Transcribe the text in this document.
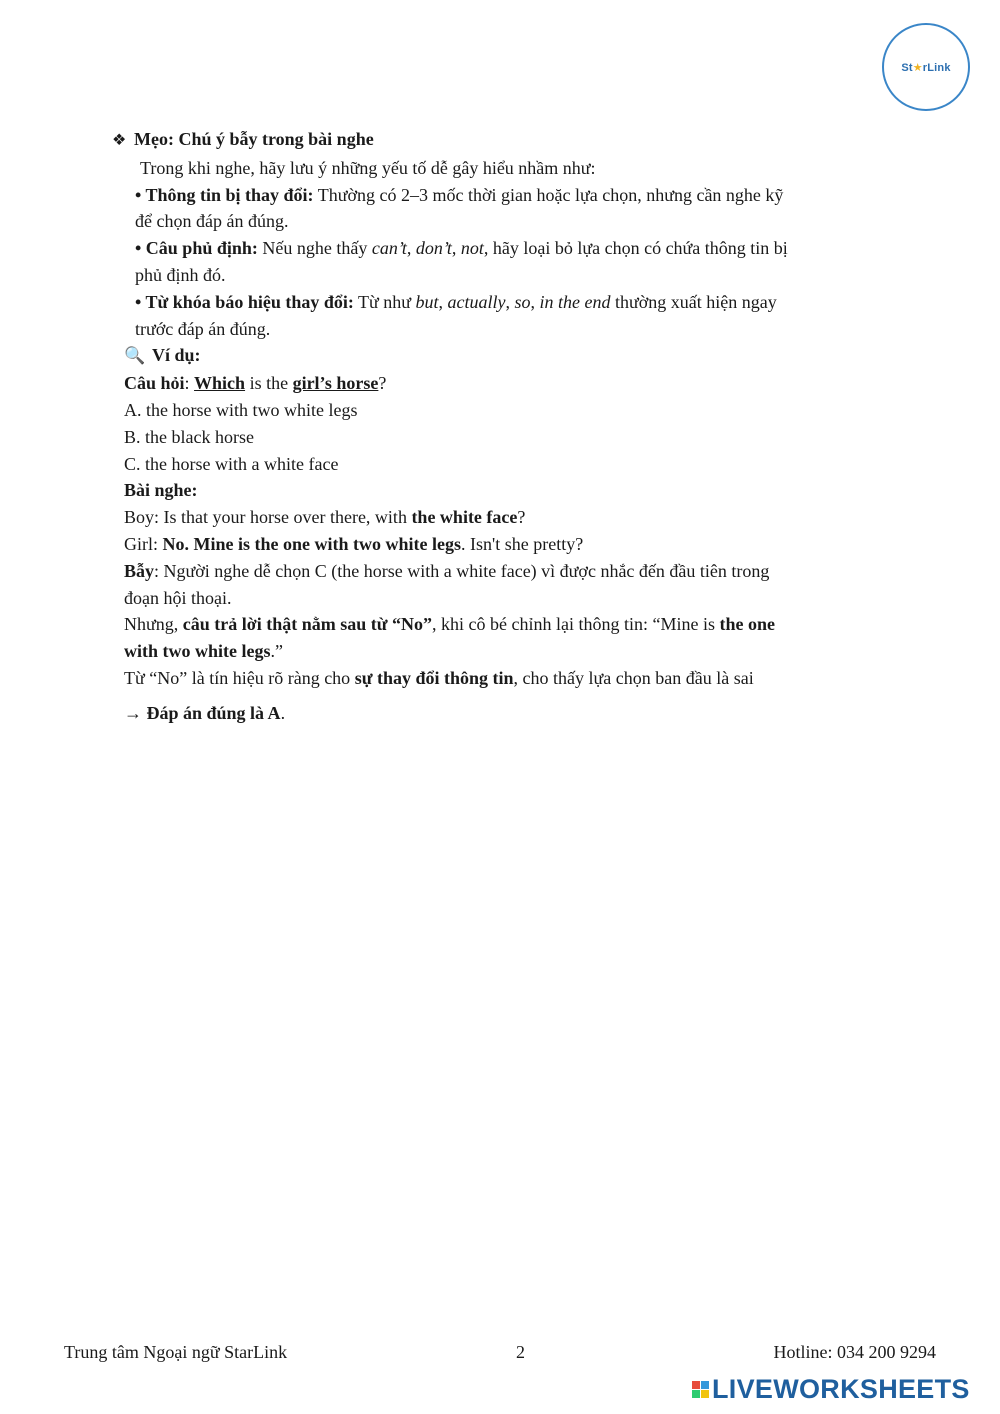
St★rLink
❖ Mẹo: Chú ý bẫy trong bài nghe
Trong khi nghe, hãy lưu ý những yếu tố dễ gây hiểu nhầm như:
• Thông tin bị thay đổi: Thường có 2–3 mốc thời gian hoặc lựa chọn, nhưng cần nghe kỹ
để chọn đáp án đúng.
• Câu phủ định: Nếu nghe thấy can’t, don’t, not, hãy loại bỏ lựa chọn có chứa thông tin bị
phủ định đó.
• Từ khóa báo hiệu thay đổi: Từ như but, actually, so, in the end thường xuất hiện ngay
trước đáp án đúng.
🔍 Ví dụ:
Câu hỏi: Which is the girl’s horse?
A. the horse with two white legs
B. the black horse
C. the horse with a white face
Bài nghe:
Boy: Is that your horse over there, with the white face?
Girl: No. Mine is the one with two white legs. Isn't she pretty?
Bẫy: Người nghe dễ chọn C (the horse with a white face) vì được nhắc đến đầu tiên trong
đoạn hội thoại.
Nhưng, câu trả lời thật nằm sau từ “No”, khi cô bé chỉnh lại thông tin: “Mine is the one
with two white legs.”
Từ “No” là tín hiệu rõ ràng cho sự thay đổi thông tin, cho thấy lựa chọn ban đầu là sai
→ Đáp án đúng là A.
Trung tâm Ngoại ngữ StarLink	2	Hotline: 034 200 9294
LIVEWORKSHEETS
